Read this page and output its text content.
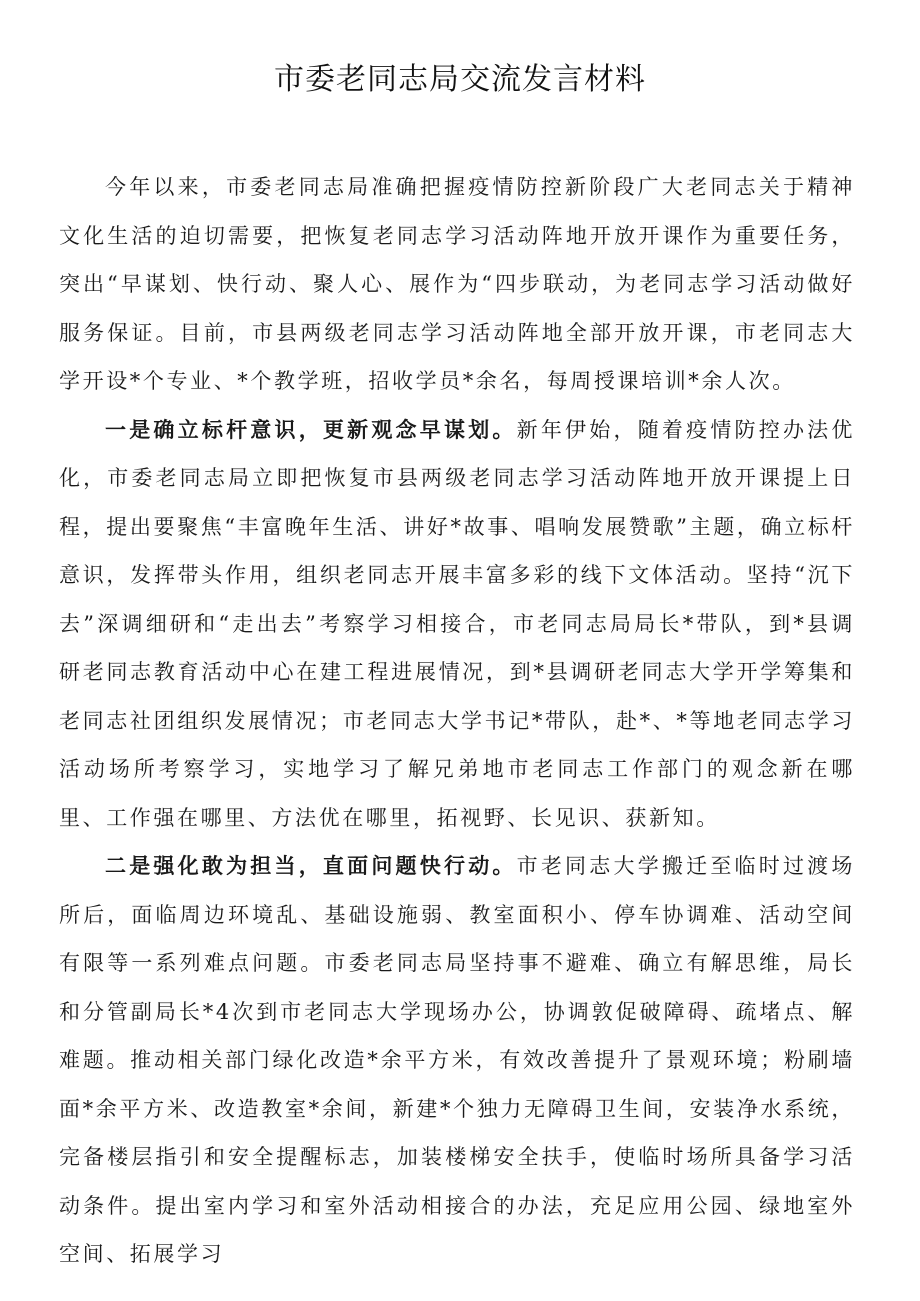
市委老同志局交流发言材料

今年以来，市委老同志局准确把握疫情防控新阶段广大老同志关于精神文化生活的迫切需要，把恢复老同志学习活动阵地开放开课作为重要任务，突出“早谋划、快行动、聚人心、展作为“四步联动，为老同志学习活动做好服务保证。目前，市县两级老同志学习活动阵地全部开放开课，市老同志大学开设*个专业、*个教学班，招收学员*余名，每周授课培训*余人次。

一是确立标杆意识，更新观念早谋划。新年伊始，随着疫情防控办法优化，市委老同志局立即把恢复市县两级老同志学习活动阵地开放开课提上日程，提出要聚焦“丰富晚年生活、讲好*故事、唱响发展赞歌”主题，确立标杆意识，发挥带头作用，组织老同志开展丰富多彩的线下文体活动。坚持“沉下去”深调细研和“走出去”考察学习相接合，市老同志局局长*带队，到*县调研老同志教育活动中心在建工程进展情况，到*县调研老同志大学开学筹集和老同志社团组织发展情况；市老同志大学书记*带队，赴*、*等地老同志学习活动场所考察学习，实地学习了解兄弟地市老同志工作部门的观念新在哪里、工作强在哪里、方法优在哪里，拓视野、长见识、获新知。

二是强化敢为担当，直面问题快行动。市老同志大学搬迁至临时过渡场所后，面临周边环境乱、基础设施弱、教室面积小、停车协调难、活动空间有限等一系列难点问题。市委老同志局坚持事不避难、确立有解思维，局长和分管副局长*4次到市老同志大学现场办公，协调敦促破障碍、疏堵点、解难题。推动相关部门绿化改造*余平方米，有效改善提升了景观环境；粉刷墙面*余平方米、改造教室*余间，新建*个独力无障碍卫生间，安装净水系统，完备楼层指引和安全提醒标志，加装楼梯安全扶手，使临时场所具备学习活动条件。提出室内学习和室外活动相接合的办法，充足应用公园、绿地室外空间、拓展学习
